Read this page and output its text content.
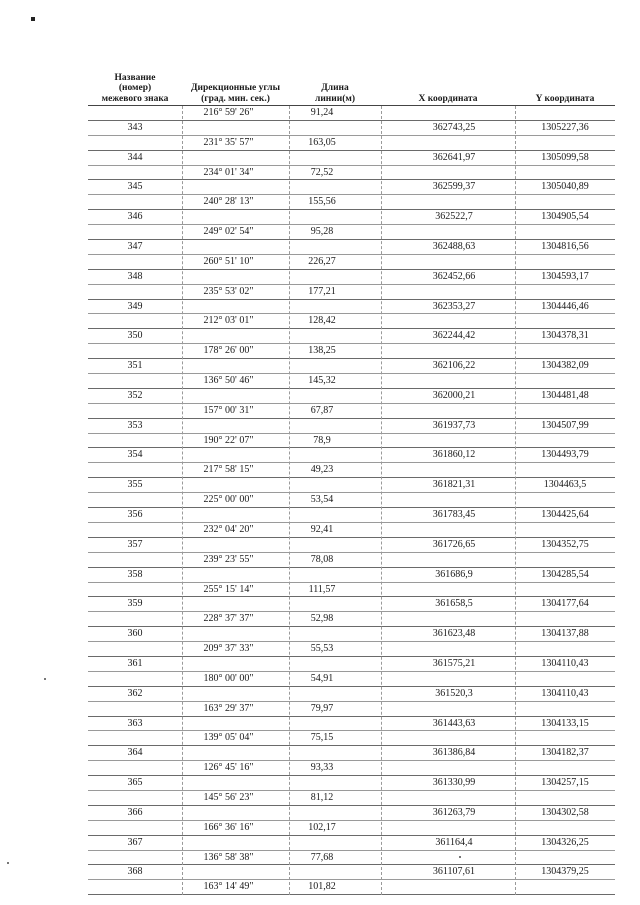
Название
(номер)
межевого знака
Дирекционные углы
(град. мин. сек.)
Длина
линии(м)	X координата	Y координата
216° 59' 26"	91,24
343	362743,25	1305227,36
231° 35' 57"	163,05
344	362641,97	1305099,58
234° 01' 34"	72,52
345	362599,37	1305040,89
240° 28' 13"	155,56
346	362522,7	1304905,54
249° 02' 54"	95,28
347	362488,63	1304816,56
260° 51' 10"	226,27
348	362452,66	1304593,17
235° 53' 02"	177,21
349	362353,27	1304446,46
212° 03' 01"	128,42
350	362244,42	1304378,31
178° 26' 00"	138,25
351	362106,22	1304382,09
136° 50' 46"	145,32
352	362000,21	1304481,48
157° 00' 31"	67,87
353	361937,73	1304507,99
190° 22' 07"	78,9
354	361860,12	1304493,79
217° 58' 15"	49,23
355	361821,31	1304463,5
225° 00' 00"	53,54
356	361783,45	1304425,64
232° 04' 20"	92,41
357	361726,65	1304352,75
239° 23' 55"	78,08
358	361686,9	1304285,54
255° 15' 14"	111,57
359	361658,5	1304177,64
228° 37' 37"	52,98
360	361623,48	1304137,88
209° 37' 33"	55,53
361	361575,21	1304110,43
180° 00' 00"	54,91
362	361520,3	1304110,43
163° 29' 37"	79,97
363	361443,63	1304133,15
139° 05' 04"	75,15
364	361386,84	1304182,37
126° 45' 16"	93,33
365	361330,99	1304257,15
145° 56' 23"	81,12
366	361263,79	1304302,58
166° 36' 16"	102,17
367	361164,4	1304326,25
136° 58' 38"	77,68
368	361107,61	1304379,25
163° 14' 49"	101,82
